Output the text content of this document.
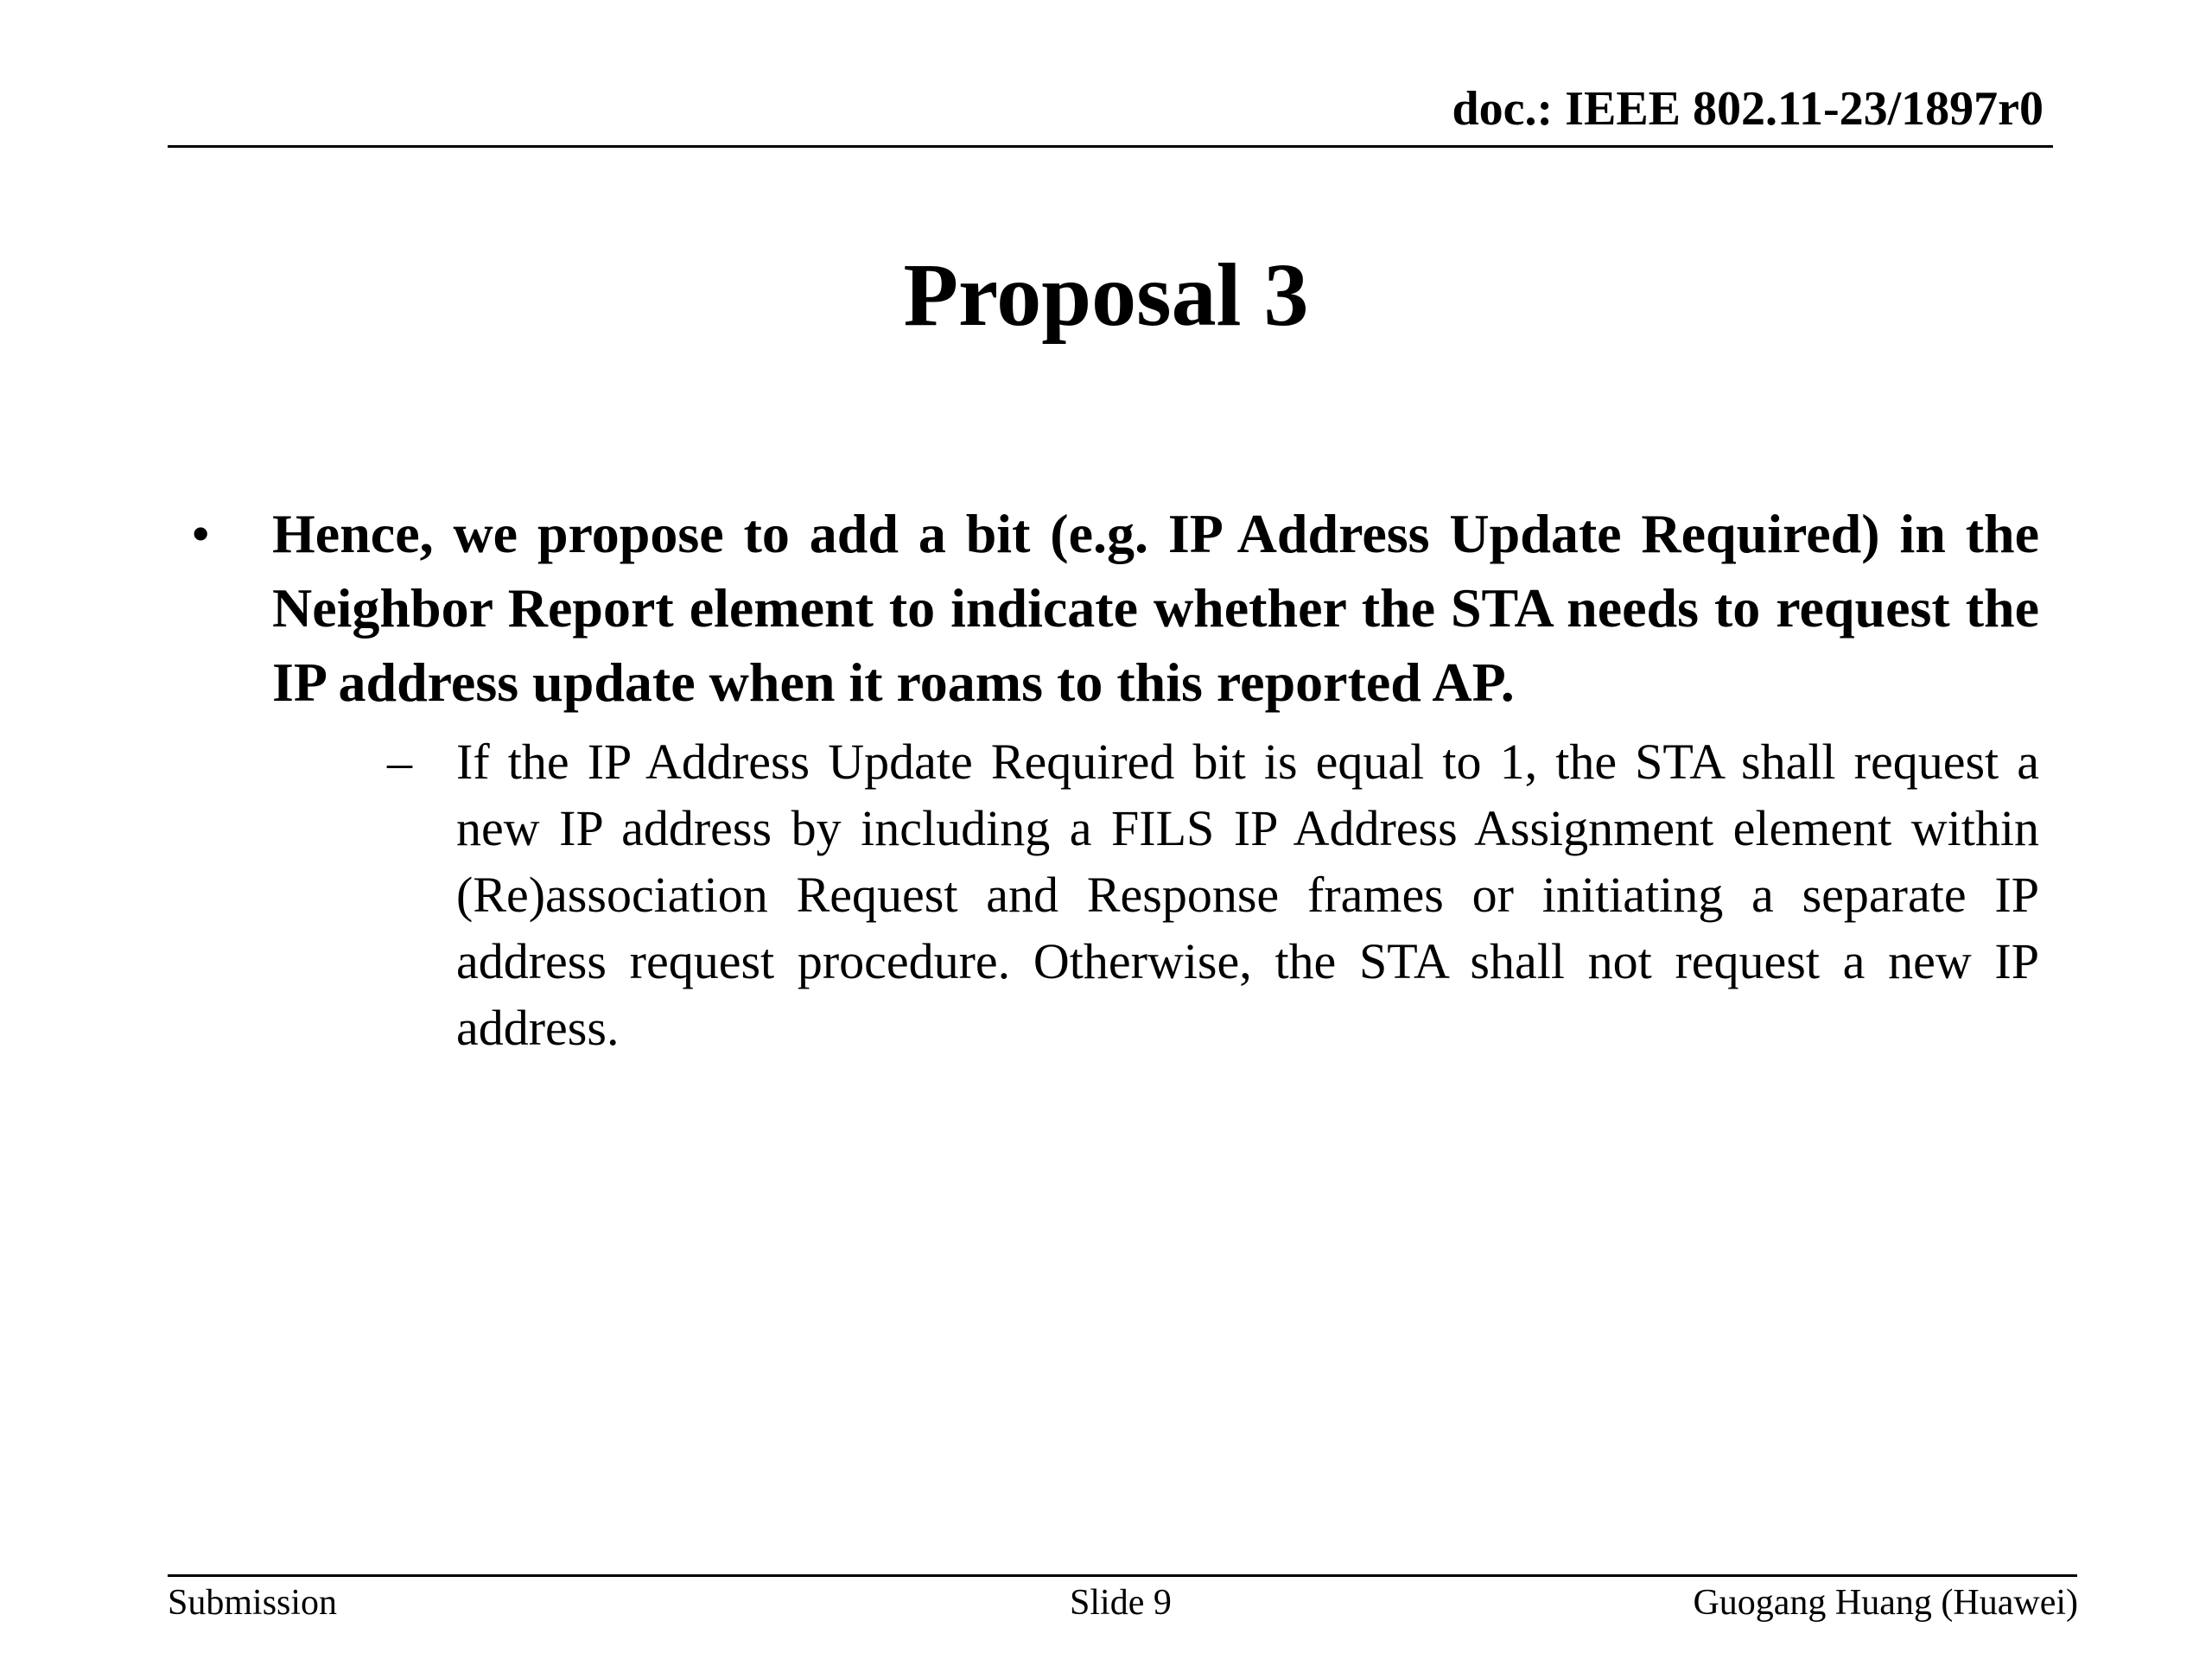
doc.: IEEE 802.11-23/1897r0
Proposal 3
• Hence, we propose to add a bit (e.g. IP Address Update Required) in the Neighbor Report element to indicate whether the STA needs to request the IP address update when it roams to this reported AP.
– If the IP Address Update Required bit is equal to 1, the STA shall request a new IP address by including a FILS IP Address Assignment element within (Re)association Request and Response frames or initiating a separate IP address request procedure. Otherwise, the STA shall not request a new IP address.
Submission	Slide 9	Guogang Huang (Huawei)
